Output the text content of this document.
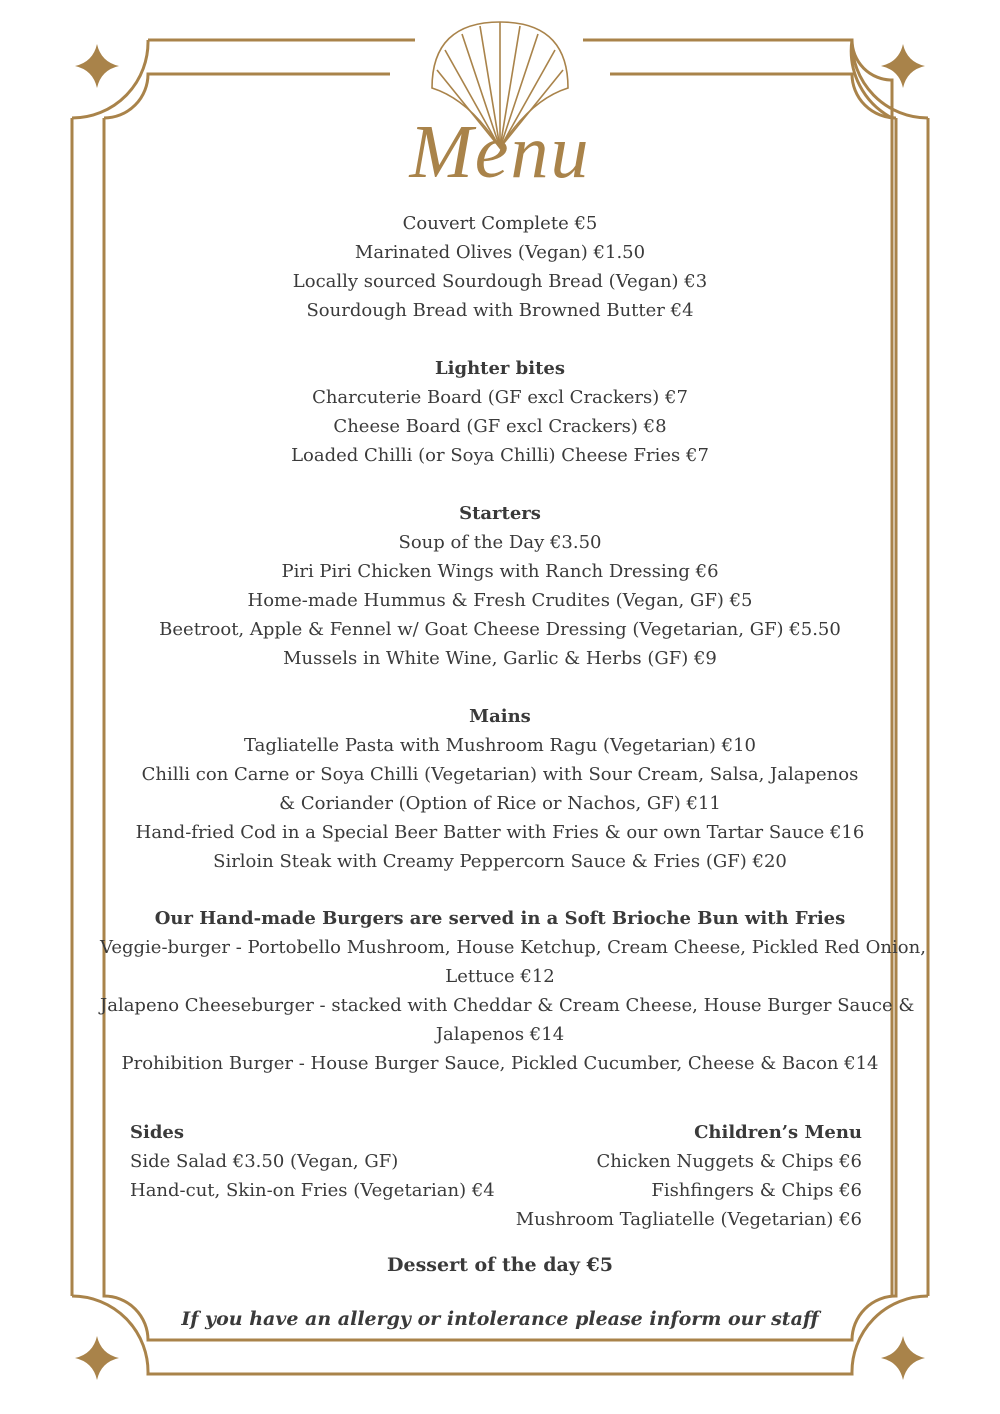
Menu
Couvert Complete €5
Marinated Olives (Vegan) €1.50
Locally sourced Sourdough Bread (Vegan) €3
Sourdough Bread with Browned Butter €4
Lighter bites
Charcuterie Board (GF excl Crackers) €7
Cheese Board (GF excl Crackers) €8
Loaded Chilli (or Soya Chilli) Cheese Fries €7
Starters
Soup of the Day €3.50
Piri Piri Chicken Wings with Ranch Dressing €6
Home-made Hummus & Fresh Crudites (Vegan, GF) €5
Beetroot, Apple & Fennel w/ Goat Cheese Dressing (Vegetarian, GF) €5.50
Mussels in White Wine, Garlic & Herbs (GF) €9
Mains
Tagliatelle Pasta with Mushroom Ragu (Vegetarian) €10
Chilli con Carne or Soya Chilli (Vegetarian) with Sour Cream, Salsa, Jalapenos
& Coriander (Option of Rice or Nachos, GF) €11
Hand-fried Cod in a Special Beer Batter with Fries & our own Tartar Sauce €16
Sirloin Steak with Creamy Peppercorn Sauce & Fries (GF) €20
Our Hand-made Burgers are served in a Soft Brioche Bun with Fries
Veggie-burger - Portobello Mushroom, House Ketchup, Cream Cheese, Pickled Red Onion,
Lettuce €12
Jalapeno Cheeseburger - stacked with Cheddar & Cream Cheese, House Burger Sauce &
Jalapenos €14
Prohibition Burger - House Burger Sauce, Pickled Cucumber, Cheese & Bacon €14
Sides
Side Salad €3.50 (Vegan, GF)
Hand-cut, Skin-on Fries (Vegetarian) €4
Children’s Menu
Chicken Nuggets & Chips €6
Fishfingers & Chips €6
Mushroom Tagliatelle (Vegetarian) €6
Dessert of the day €5
If you have an allergy or intolerance please inform our staff
